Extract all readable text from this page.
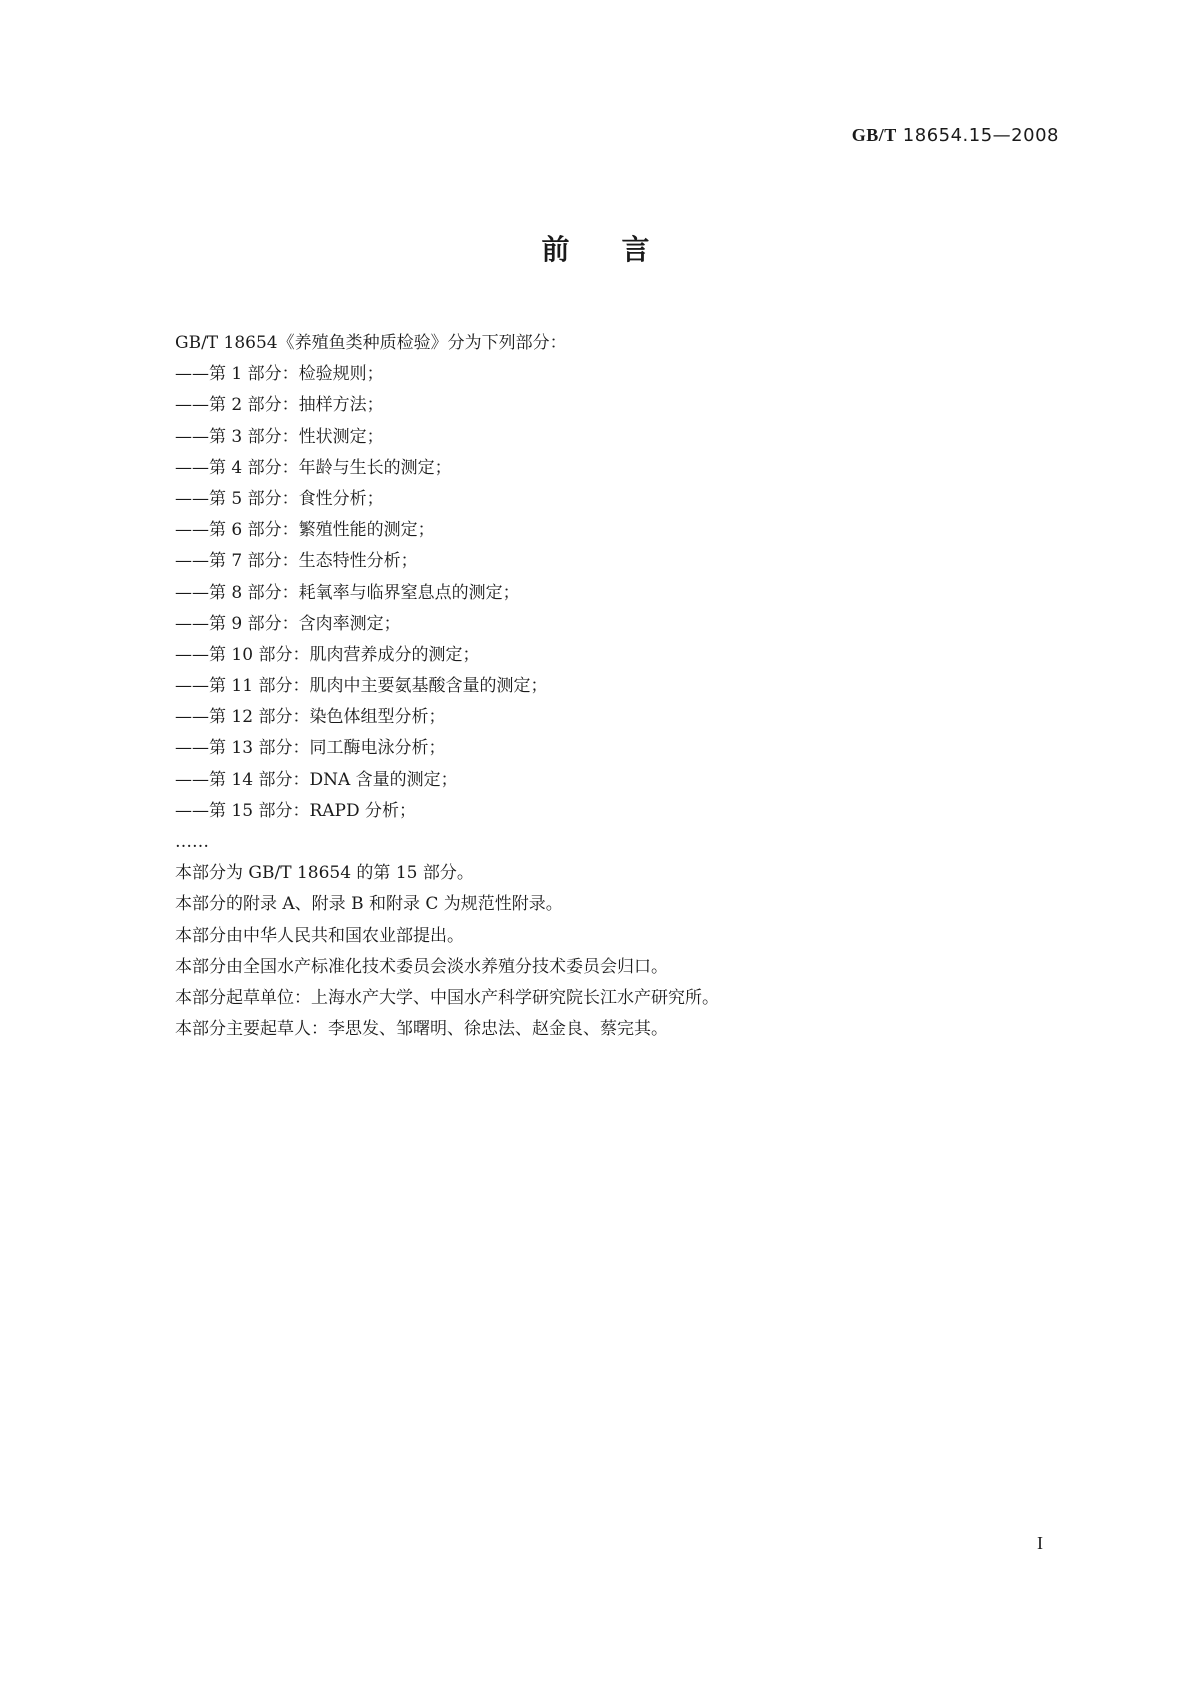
GB/T 18654.15—2008
前 言
GB/T 18654《养殖鱼类种质检验》分为下列部分：
——第 1 部分：检验规则；
——第 2 部分：抽样方法；
——第 3 部分：性状测定；
——第 4 部分：年龄与生长的测定；
——第 5 部分：食性分析；
——第 6 部分：繁殖性能的测定；
——第 7 部分：生态特性分析；
——第 8 部分：耗氧率与临界窒息点的测定；
——第 9 部分：含肉率测定；
——第 10 部分：肌肉营养成分的测定；
——第 11 部分：肌肉中主要氨基酸含量的测定；
——第 12 部分：染色体组型分析；
——第 13 部分：同工酶电泳分析；
——第 14 部分：DNA 含量的测定；
——第 15 部分：RAPD 分析；
……
本部分为 GB/T 18654 的第 15 部分。
本部分的附录 A、附录 B 和附录 C 为规范性附录。
本部分由中华人民共和国农业部提出。
本部分由全国水产标准化技术委员会淡水养殖分技术委员会归口。
本部分起草单位：上海水产大学、中国水产科学研究院长江水产研究所。
本部分主要起草人：李思发、邹曙明、徐忠法、赵金良、蔡完其。
I
